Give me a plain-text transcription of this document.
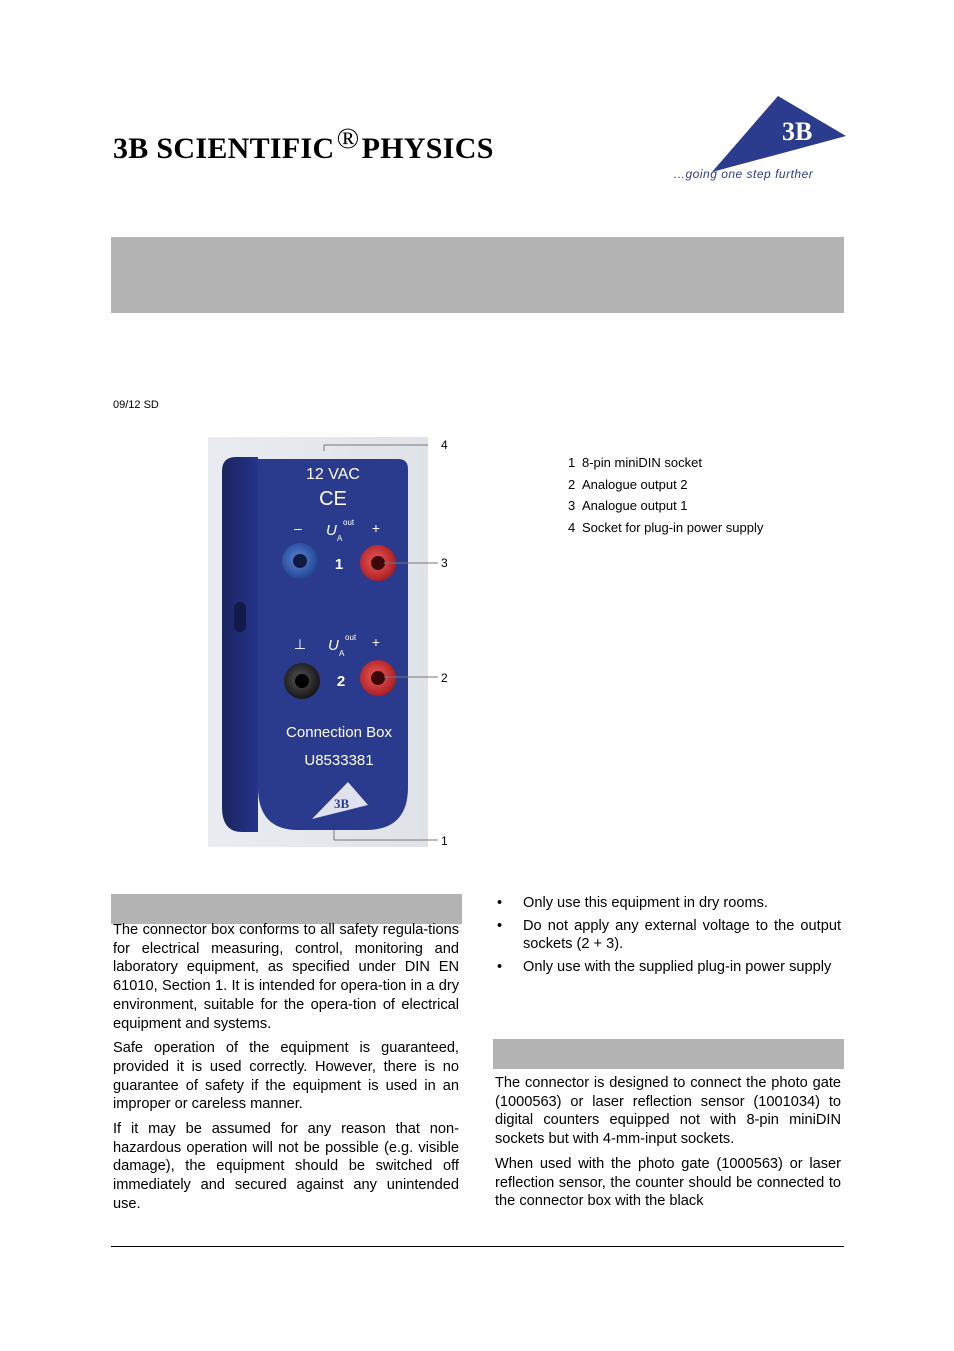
3B SCIENTIFIC®PHYSICS
3B
®
...going one step further
09/12 SD
12 VAC
CE
– U A
out +
1
⊥ U A
out +
2
Connection Box
U8533381
3B
4
3
2
1
1 8-pin miniDIN socket
2 Analogue output 2
3 Analogue output 1
4 Socket for plug-in power supply

The connector box conforms to all safety regula-tions for electrical measuring, control, monitoring and laboratory equipment, as specified under DIN EN 61010, Section 1. It is intended for opera-tion in a dry environment, suitable for the opera-tion of electrical equipment and systems.

Safe operation of the equipment is guaranteed, provided it is used correctly. However, there is no guarantee of safety if the equipment is used in an improper or careless manner.

If it may be assumed for any reason that non-hazardous operation will not be possible (e.g. visible damage), the equipment should be switched off immediately and secured against any unintended use.

• Only use this equipment in dry rooms.
• Do not apply any external voltage to the output sockets (2 + 3).
• Only use with the supplied plug-in power supply

The connector is designed to connect the photo gate (1000563) or laser reflection sensor (1001034) to digital counters equipped not with 8-pin miniDIN sockets but with 4-mm-input sockets.

When used with the photo gate (1000563) or laser reflection sensor, the counter should be connected to the connector box with the black
